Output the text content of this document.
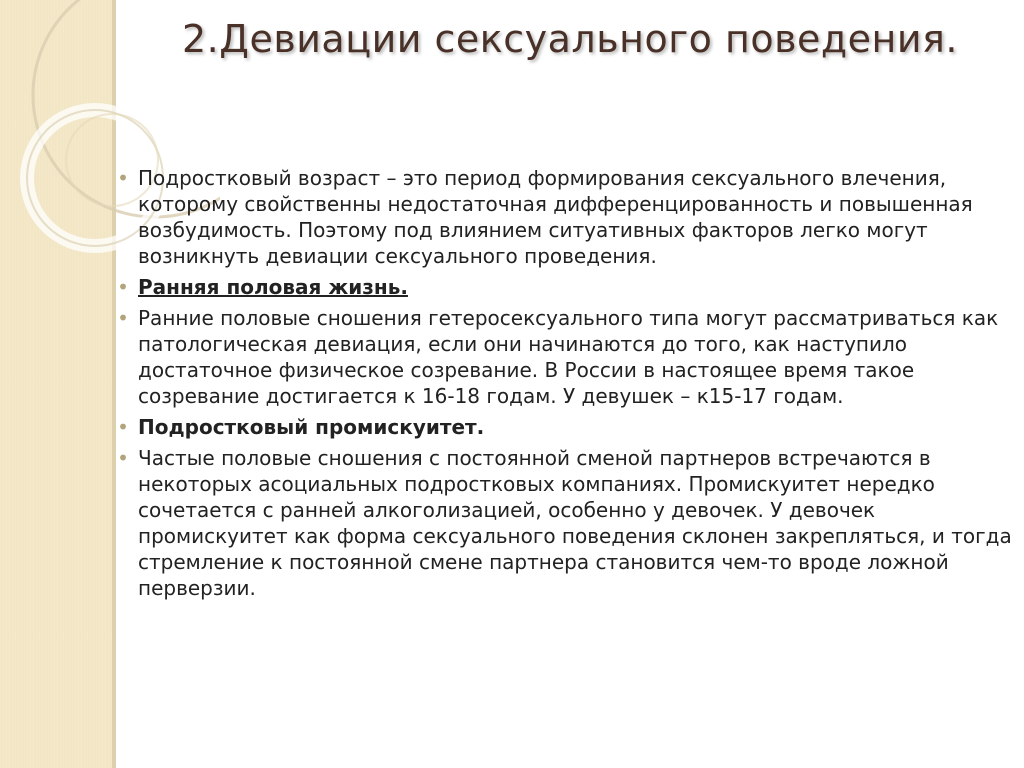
2.Девиации сексуального поведения.
• Подростковый возраст – это период формирования сексуального влечения, которому свойственны недостаточная дифференцированность и повышенная возбудимость. Поэтому под влиянием ситуативных факторов легко могут возникнуть девиации сексуального проведения.
• Ранняя половая жизнь.
• Ранние половые сношения гетеросексуального типа могут рассматриваться как патологическая девиация, если они начинаются до того, как наступило достаточное физическое созревание. В России в настоящее время такое созревание достигается к 16-18 годам. У девушек – к15-17 годам.
• Подростковый промискуитет.
• Частые половые сношения с постоянной сменой партнеров встречаются в некоторых асоциальных подростковых компаниях. Промискуитет нередко сочетается с ранней алкоголизацией, особенно у девочек. У девочек промискуитет как форма сексуального поведения склонен закрепляться, и тогда стремление к постоянной смене партнера становится чем-то вроде ложной перверзии.
